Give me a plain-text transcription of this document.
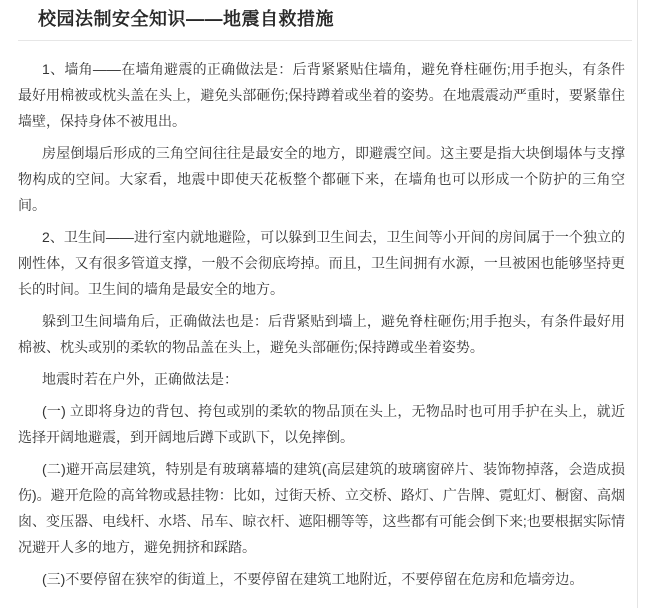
校园法制安全知识——地震自救措施

1、墙角——在墙角避震的正确做法是：后背紧紧贴住墙角，避免脊柱砸伤;用手抱头，有条件最好用棉被或枕头盖在头上，避免头部砸伤;保持蹲着或坐着的姿势。在地震震动严重时，要紧靠住墙壁，保持身体不被甩出。

房屋倒塌后形成的三角空间往往是最安全的地方，即避震空间。这主要是指大块倒塌体与支撑物构成的空间。大家看，地震中即使天花板整个都砸下来，在墙角也可以形成一个防护的三角空间。

2、卫生间——进行室内就地避险，可以躲到卫生间去，卫生间等小开间的房间属于一个独立的刚性体，又有很多管道支撑，一般不会彻底垮掉。而且，卫生间拥有水源，一旦被困也能够坚持更长的时间。卫生间的墙角是最安全的地方。

躲到卫生间墙角后，正确做法也是：后背紧贴到墙上，避免脊柱砸伤;用手抱头，有条件最好用棉被、枕头或别的柔软的物品盖在头上，避免头部砸伤;保持蹲或坐着姿势。

地震时若在户外，正确做法是：

(一) 立即将身边的背包、挎包或别的柔软的物品顶在头上，无物品时也可用手护在头上，就近选择开阔地避震，到开阔地后蹲下或趴下，以免摔倒。

(二)避开高层建筑，特别是有玻璃幕墙的建筑(高层建筑的玻璃窗碎片、装饰物掉落，会造成损伤)。避开危险的高耸物或悬挂物：比如，过街天桥、立交桥、路灯、广告牌、霓虹灯、橱窗、高烟囱、变压器、电线杆、水塔、吊车、晾衣杆、遮阳棚等等，这些都有可能会倒下来;也要根据实际情况避开人多的地方，避免拥挤和踩踏。

(三)不要停留在狭窄的街道上，不要停留在建筑工地附近，不要停留在危房和危墙旁边。
